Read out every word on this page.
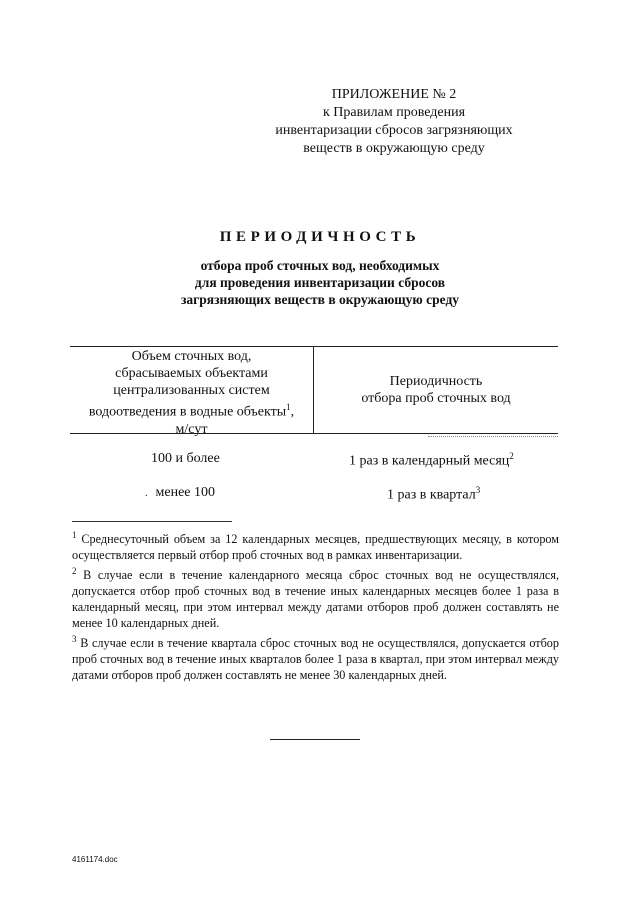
ПРИЛОЖЕНИЕ № 2
к Правилам проведения
инвентаризации сбросов загрязняющих
веществ в окружающую среду
ПЕРИОДИЧНОСТЬ
отбора проб сточных вод, необходимых
для проведения инвентаризации сбросов
загрязняющих веществ в окружающую среду
Объем сточных вод,
сбрасываемых объектами
централизованных систем
водоотведения в водные объекты$^1$,
м/сут
Периодичность
отбора проб сточных вод
100 и более	1 раз в календарный месяц$^2$
. менее 100	1 раз в квартал$^3$

$^1$ Среднесуточный объем за 12 календарных месяцев, предшествующих месяцу, в котором осуществляется первый отбор проб сточных вод в рамках инвентаризации.

$^2$ В случае если в течение календарного месяца сброс сточных вод не осуществлялся, допускается отбор проб сточных вод в течение иных календарных месяцев более 1 раза в календарный месяц, при этом интервал между датами отборов проб должен составлять не менее 10 календарных дней.

$^3$ В случае если в течение квартала сброс сточных вод не осуществлялся, допускается отбор проб сточных вод в течение иных кварталов более 1 раза в квартал, при этом интервал между датами отборов проб должен составлять не менее 30 календарных дней.

4161174.doc
